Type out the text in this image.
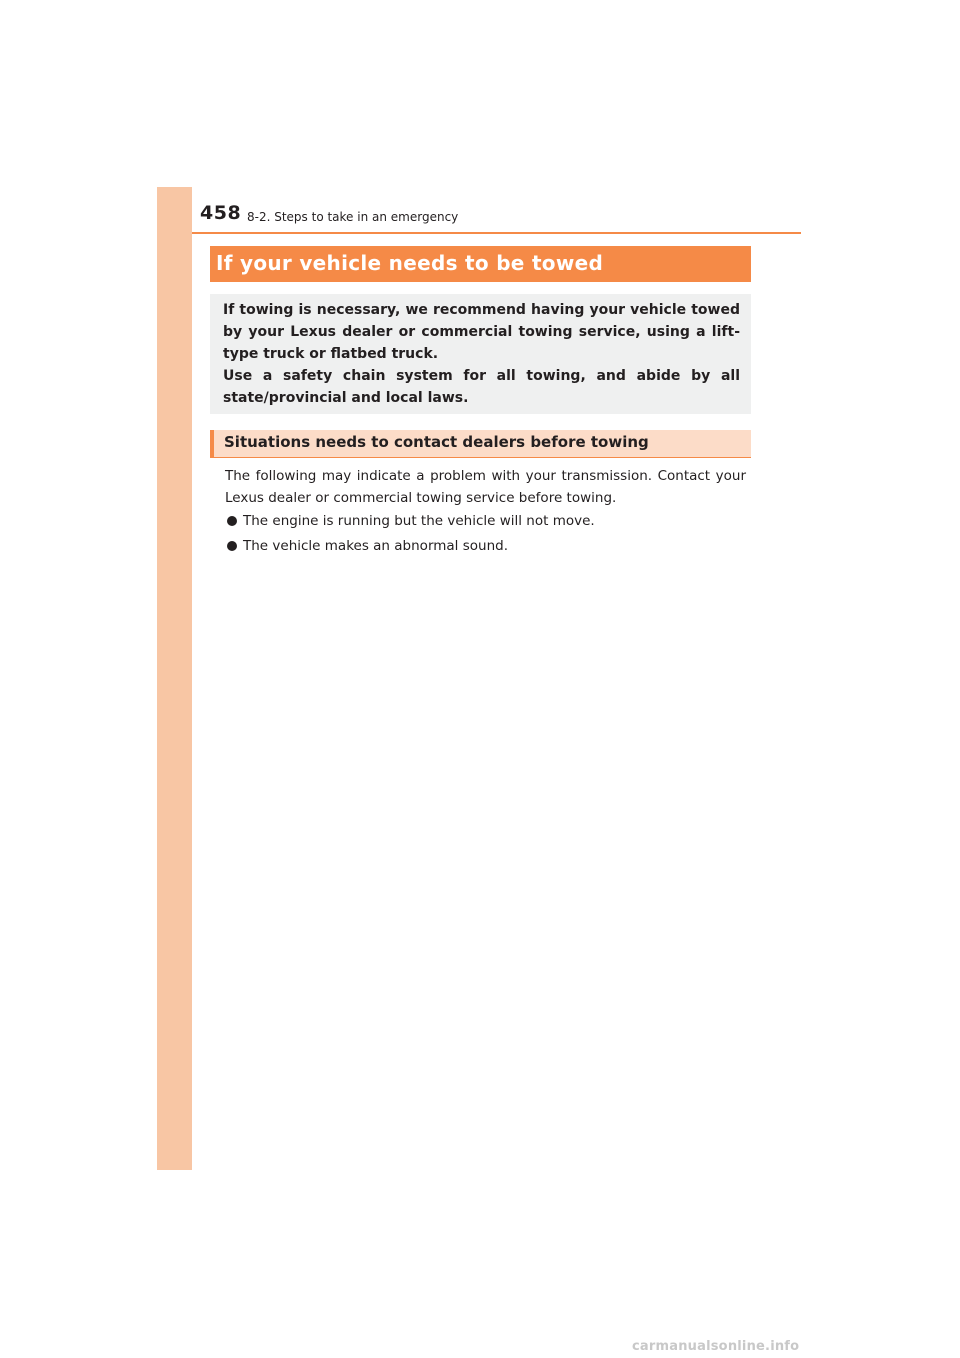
458 8-2. Steps to take in an emergency
If your vehicle needs to be towed

If towing is necessary, we recommend having your vehicle towed by your Lexus dealer or commercial towing service, using a lift-type truck or flatbed truck.

Use a safety chain system for all towing, and abide by all state/provincial and local laws.

Situations needs to contact dealers before towing

The following may indicate a problem with your transmission. Contact your Lexus dealer or commercial towing service before towing.

The engine is running but the vehicle will not move.
The vehicle makes an abnormal sound.
carmanualsonline.info
